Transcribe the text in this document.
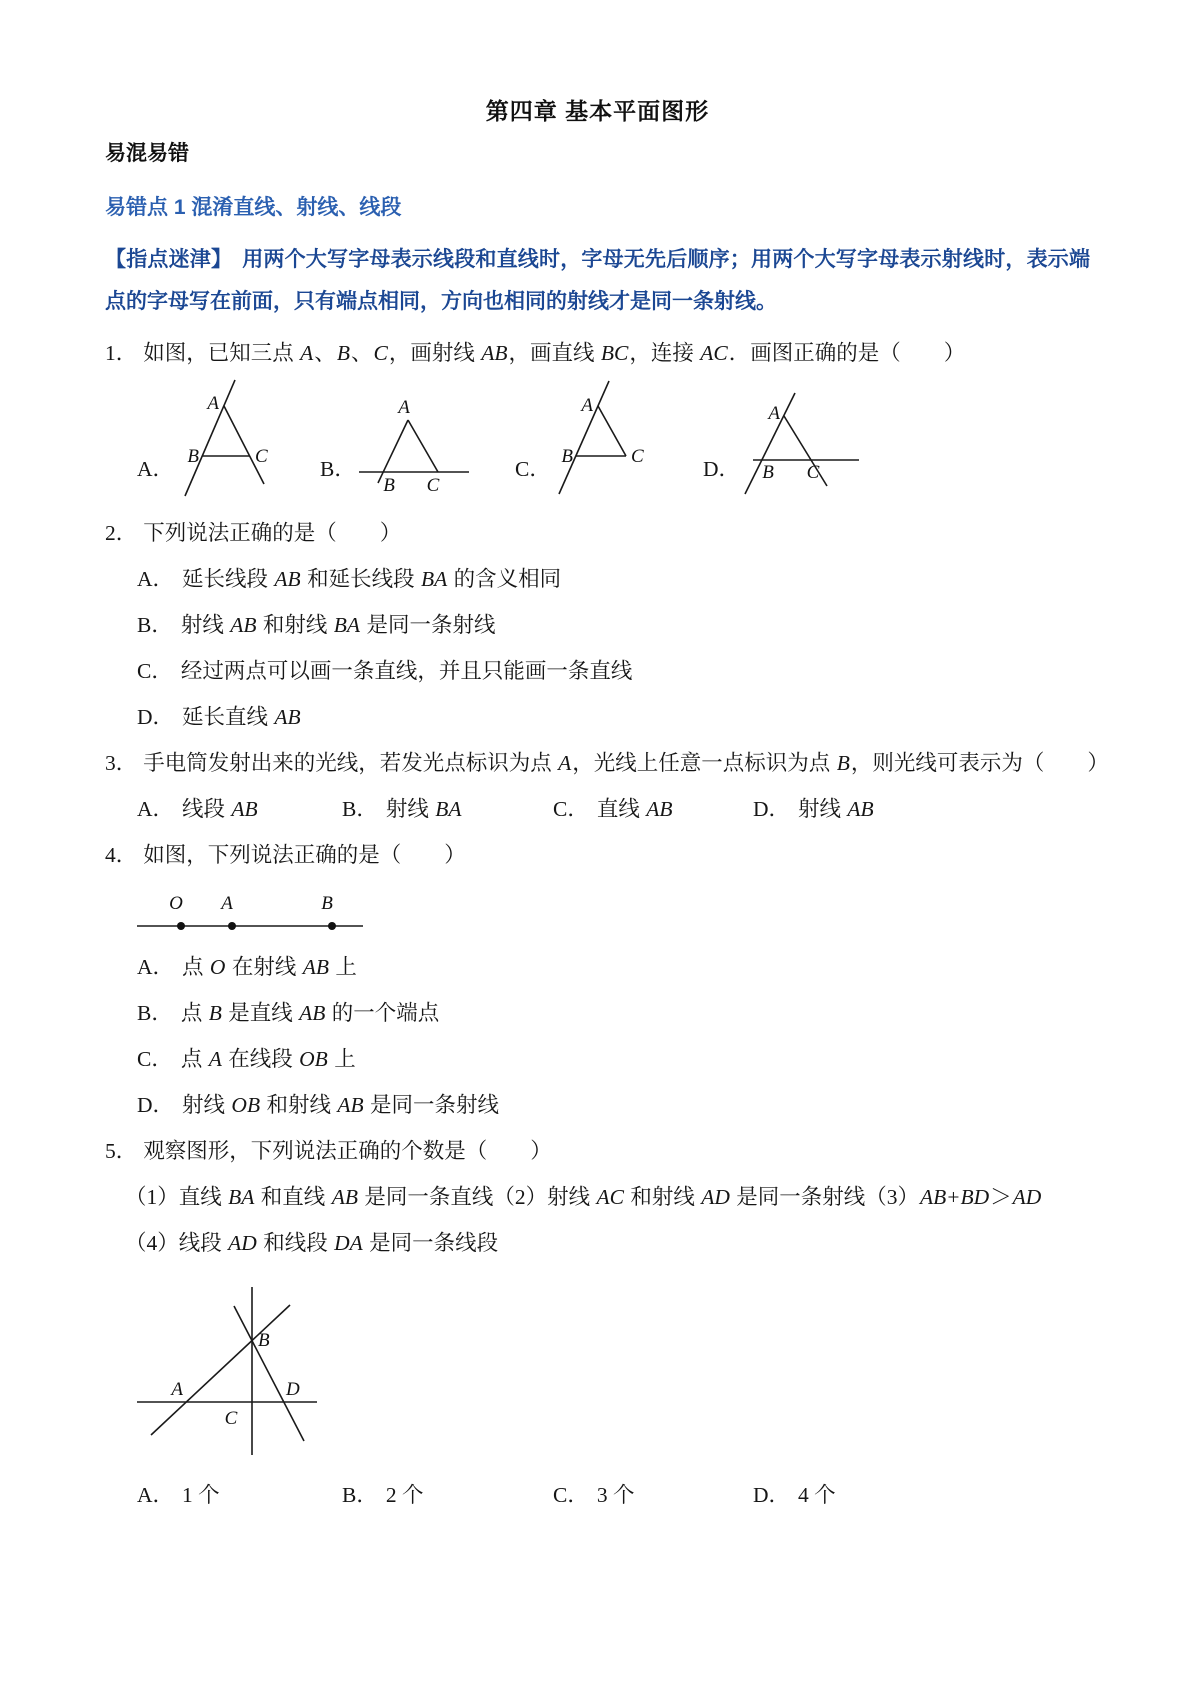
第四章 基本平面图形
易混易错
易错点 1 混淆直线、射线、线段

【指点迷津】 用两个大写字母表示线段和直线时，字母无先后顺序；用两个大写字母表示射线时，表示端点的字母写在前面，只有端点相同，方向也相同的射线才是同一条射线。

1． 如图，已知三点 A、B、C，画射线 AB，画直线 BC，连接 AC．画图正确的是（　　）

A．
A
B	C
B．
A
B C
C．
A
B	C
D．
A
B C

2． 下列说法正确的是（　　）

A． 延长线段 AB 和延长线段 BA 的含义相同

B． 射线 AB 和射线 BA 是同一条射线

C． 经过两点可以画一条直线，并且只能画一条直线

D． 延长直线 AB

3． 手电筒发射出来的光线，若发光点标识为点 A，光线上任意一点标识为点 B，则光线可表示为（　　）

A． 线段 AB	B． 射线 BA	C． 直线 AB	D． 射线 AB

4． 如图，下列说法正确的是（　　）

O A	B

A． 点 O 在射线 AB 上

B． 点 B 是直线 AB 的一个端点

C． 点 A 在线段 OB 上

D． 射线 OB 和射线 AB 是同一条射线

5． 观察图形，下列说法正确的个数是（　　）

（1）直线 BA 和直线 AB 是同一条直线（2）射线 AC 和射线 AD 是同一条射线（3）AB+BD＞AD（4）线段 AD 和线段 DA 是同一条线段

B
A
C
D
A． 1 个	B． 2 个	C． 3 个	D． 4 个
